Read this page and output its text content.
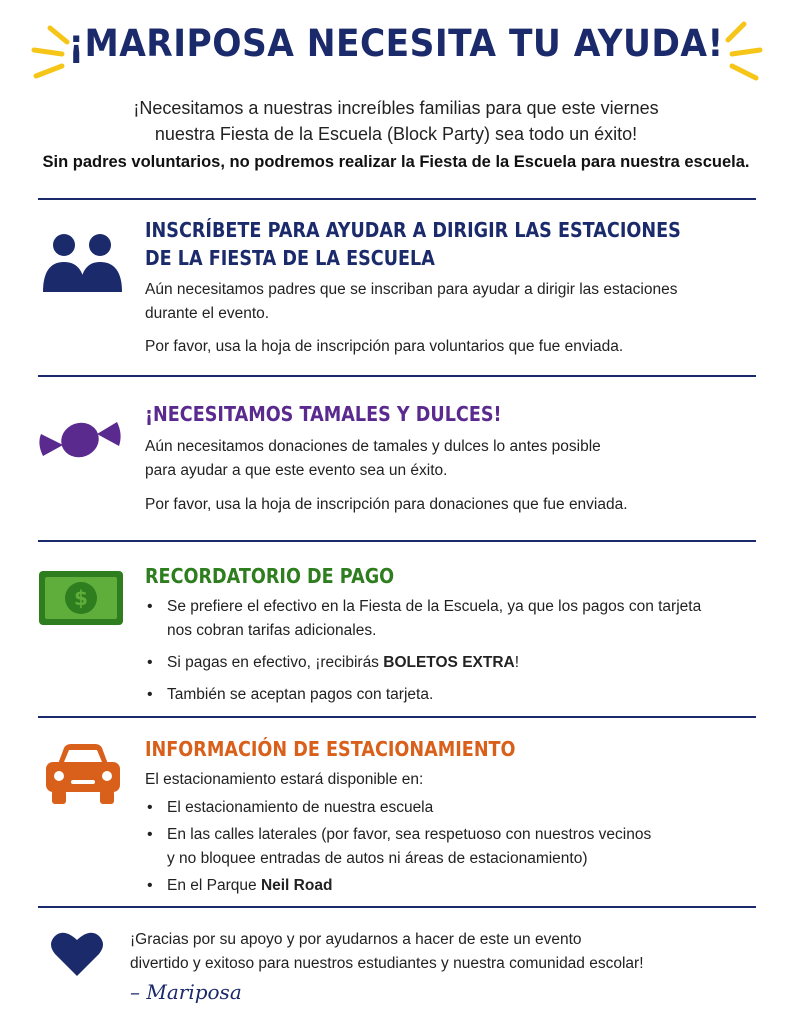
¡MARIPOSA NECESITA TU AYUDA!
¡Necesitamos a nuestras increíbles familias para que este viernes
nuestra Fiesta de la Escuela (Block Party) sea todo un éxito!
Sin padres voluntarios, no podremos realizar la Fiesta de la Escuela para nuestra escuela.
INSCRÍBETE PARA AYUDAR A DIRIGIR LAS ESTACIONES
DE LA FIESTA DE LA ESCUELA
Aún necesitamos padres que se inscriban para ayudar a dirigir las estaciones
durante el evento.
Por favor, usa la hoja de inscripción para voluntarios que fue enviada.
¡NECESITAMOS TAMALES Y DULCES!
Aún necesitamos donaciones de tamales y dulces lo antes posible
para ayudar a que este evento sea un éxito.
Por favor, usa la hoja de inscripción para donaciones que fue enviada.
$
RECORDATORIO DE PAGO
• Se prefiere el efectivo en la Fiesta de la Escuela, ya que los pagos con tarjeta
nos cobran tarifas adicionales.
• Si pagas en efectivo, ¡recibirás BOLETOS EXTRA!
• También se aceptan pagos con tarjeta.
INFORMACIÓN DE ESTACIONAMIENTO
El estacionamiento estará disponible en:
• El estacionamiento de nuestra escuela
• En las calles laterales (por favor, sea respetuoso con nuestros vecinos
y no bloquee entradas de autos ni áreas de estacionamiento)
• En el Parque Neil Road
¡Gracias por su apoyo y por ayudarnos a hacer de este un evento
divertido y exitoso para nuestros estudiantes y nuestra comunidad escolar!
– Mariposa
